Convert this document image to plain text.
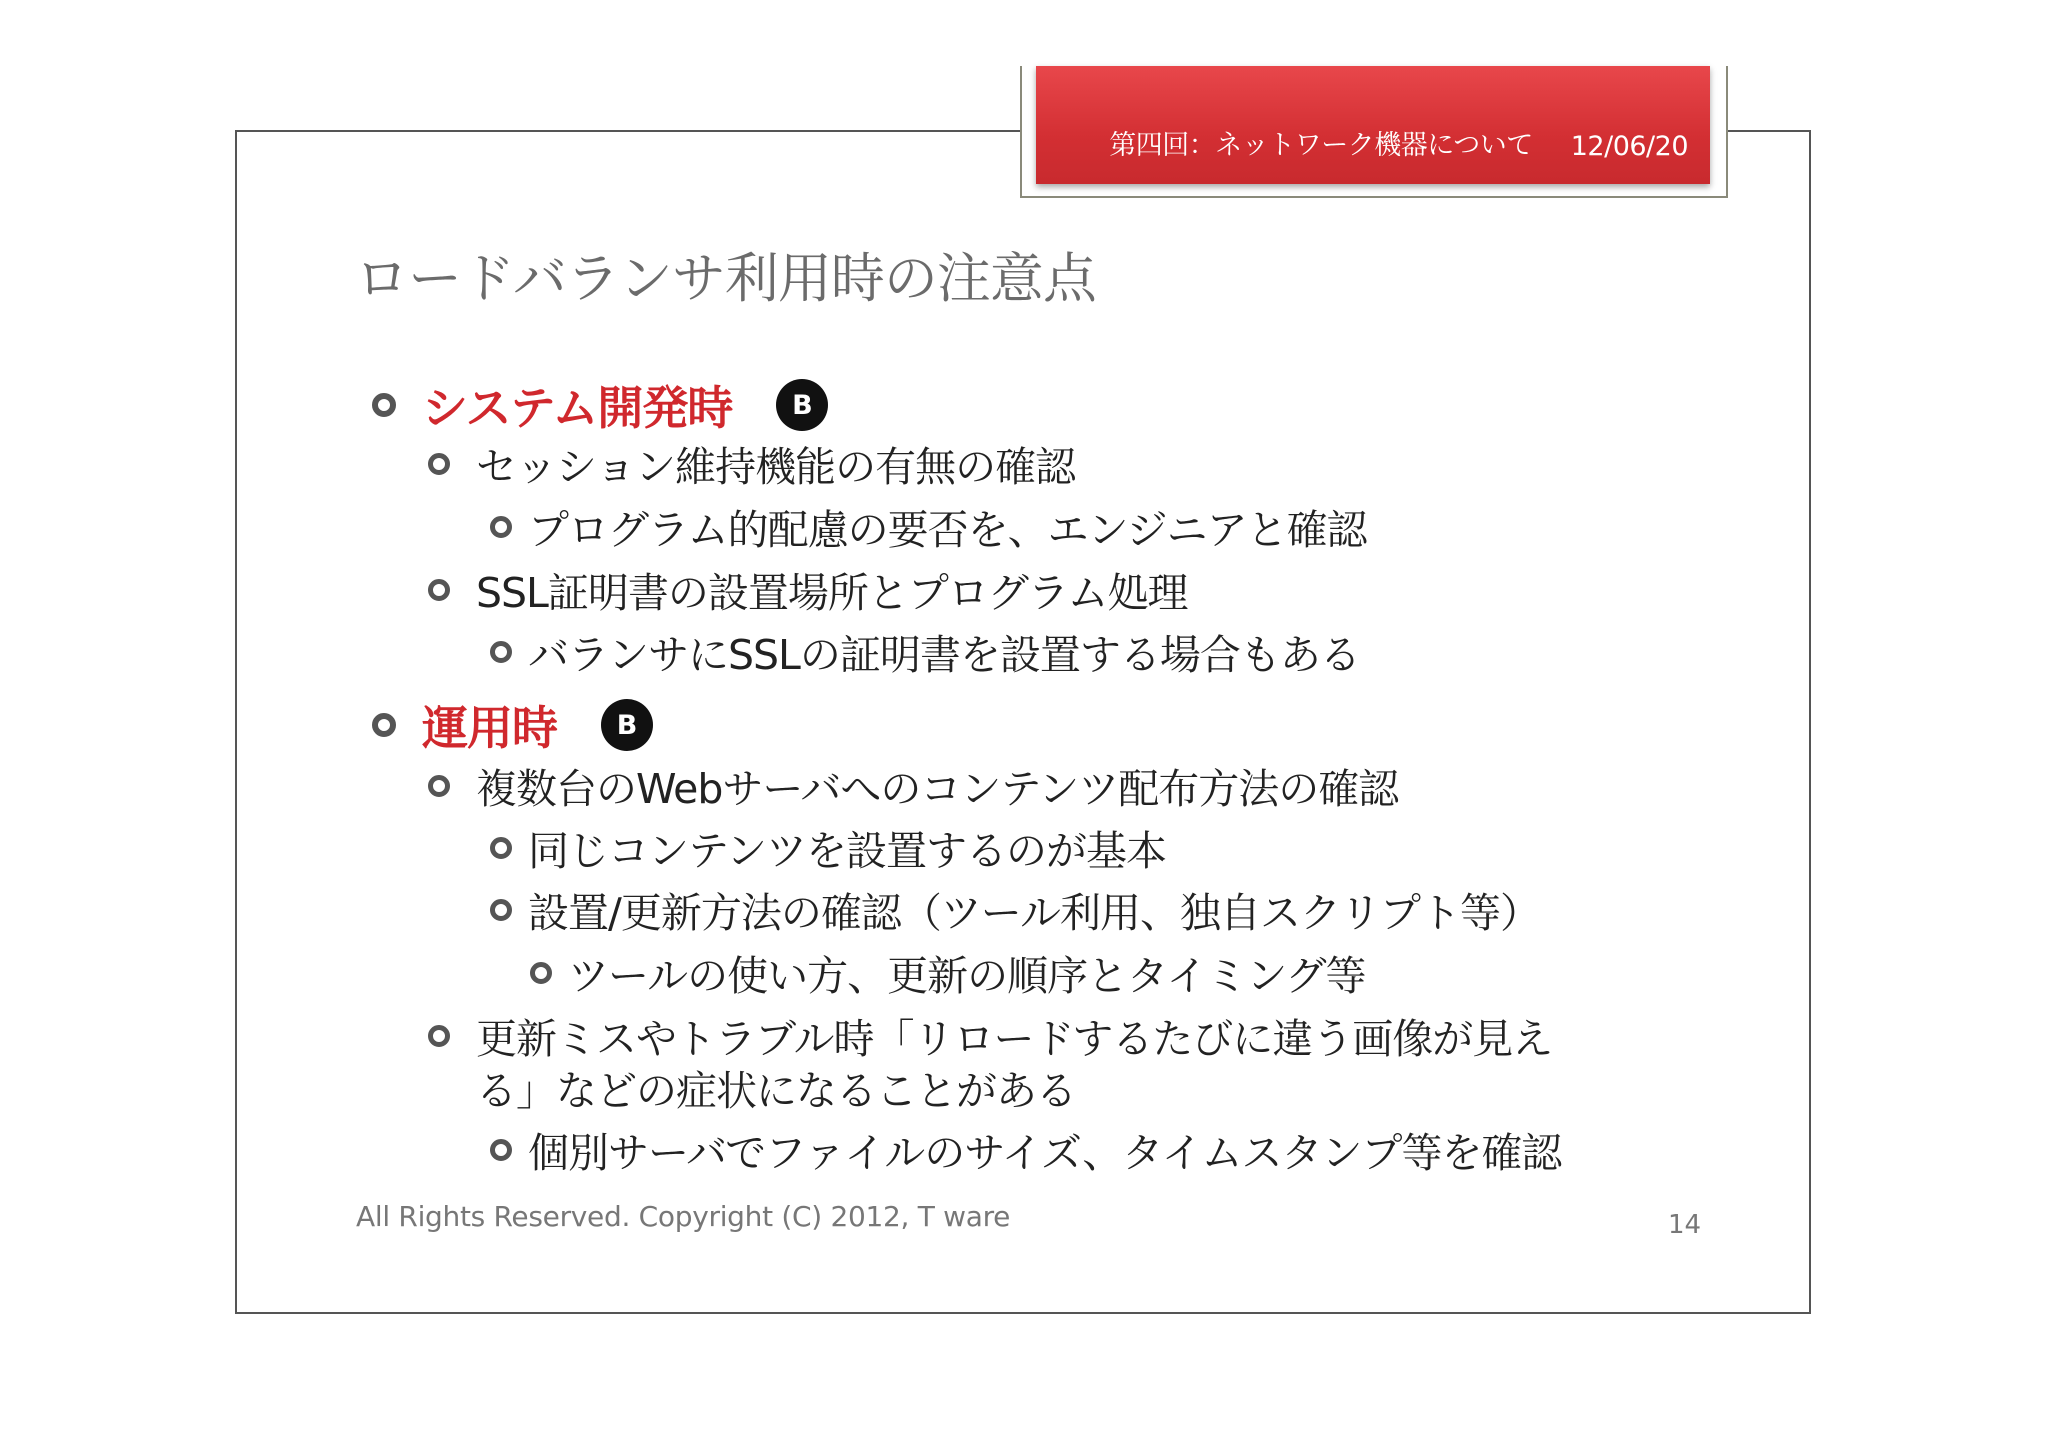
第四回：ネットワーク機器について 12/06/20
ロードバランサ利用時の注意点
システム開発時	B
セッション維持機能の有無の確認
プログラム的配慮の要否を、エンジニアと確認
SSL証明書の設置場所とプログラム処理
バランサにSSLの証明書を設置する場合もある
運用時	B
複数台のWebサーバへのコンテンツ配布方法の確認
同じコンテンツを設置するのが基本
設置/更新方法の確認（ツール利用、独自スクリプト等）
ツールの使い方、更新の順序とタイミング等
更新ミスやトラブル時「リロードするたびに違う画像が見え
る」などの症状になることがある
個別サーバでファイルのサイズ、タイムスタンプ等を確認
All Rights Reserved. Copyright (C) 2012, T ware	14
